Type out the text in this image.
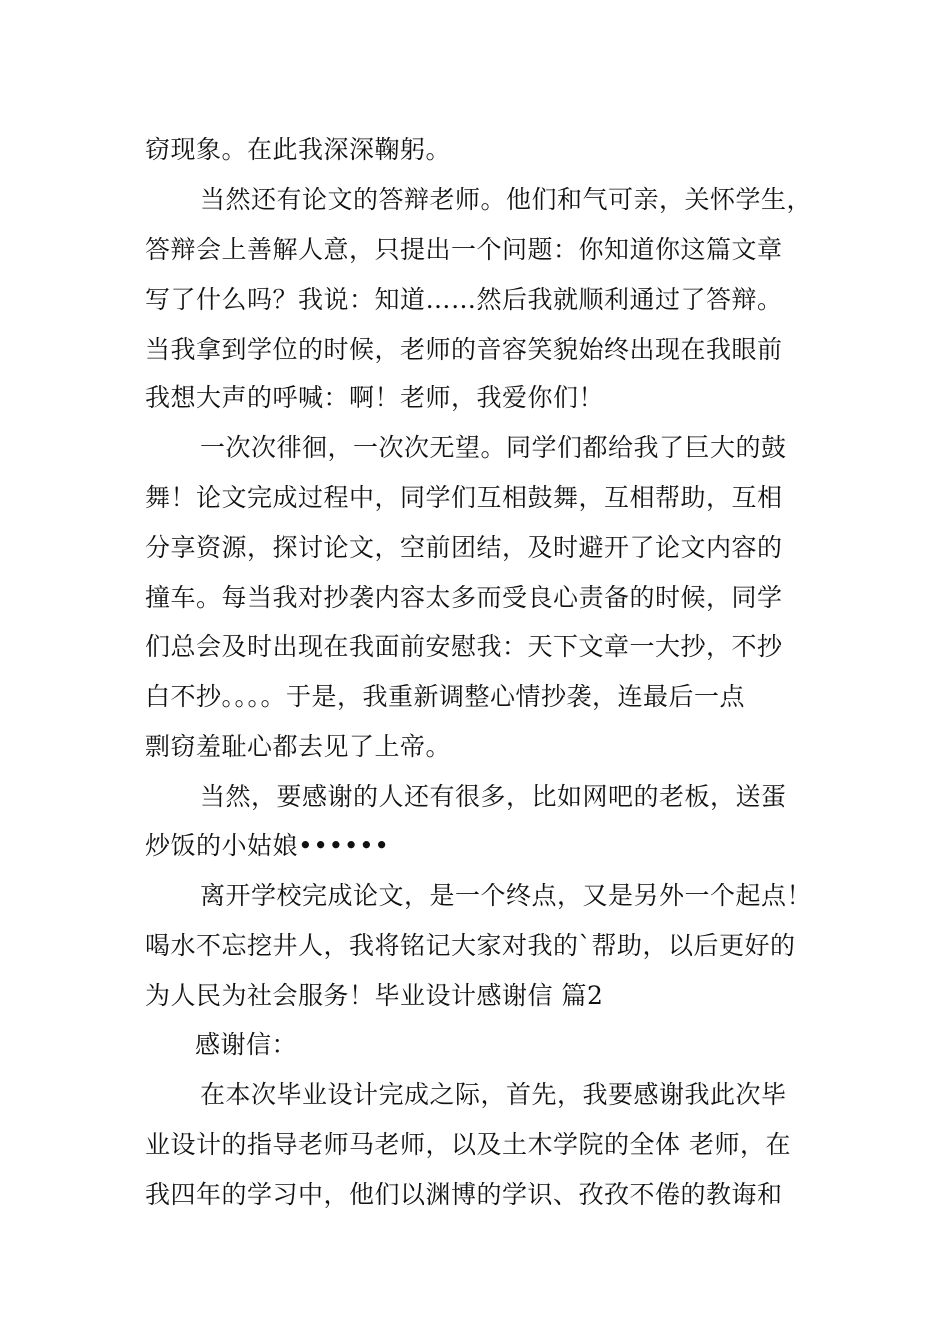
窃现象。在此我深深鞠躬。
当然还有论文的答辩老师。他们和气可亲，关怀学生，
答辩会上善解人意，只提出一个问题：你知道你这篇文章
写了什么吗？我说：知道……然后我就顺利通过了答辩。
当我拿到学位的时候，老师的音容笑貌始终出现在我眼前
我想大声的呼喊：啊！老师，我爱你们！
一次次徘徊，一次次无望。同学们都给我了巨大的鼓
舞！论文完成过程中，同学们互相鼓舞，互相帮助，互相
分享资源，探讨论文，空前团结，及时避开了论文内容的
撞车。每当我对抄袭内容太多而受良心责备的时候，同学
们总会及时出现在我面前安慰我：天下文章一大抄，不抄
白不抄。。。。于是，我重新调整心情抄袭，连最后一点
剽窃羞耻心都去见了上帝。
当然，要感谢的人还有很多，比如网吧的老板，送蛋
炒饭的小姑娘••••••
离开学校完成论文，是一个终点，又是另外一个起点！
喝水不忘挖井人，我将铭记大家对我的`帮助，以后更好的
为人民为社会服务！毕业设计感谢信 篇2
感谢信：
在本次毕业设计完成之际，首先，我要感谢我此次毕
业设计的指导老师马老师，以及土木学院的全体 老师，在
我四年的学习中，他们以渊博的学识、孜孜不倦的教诲和
